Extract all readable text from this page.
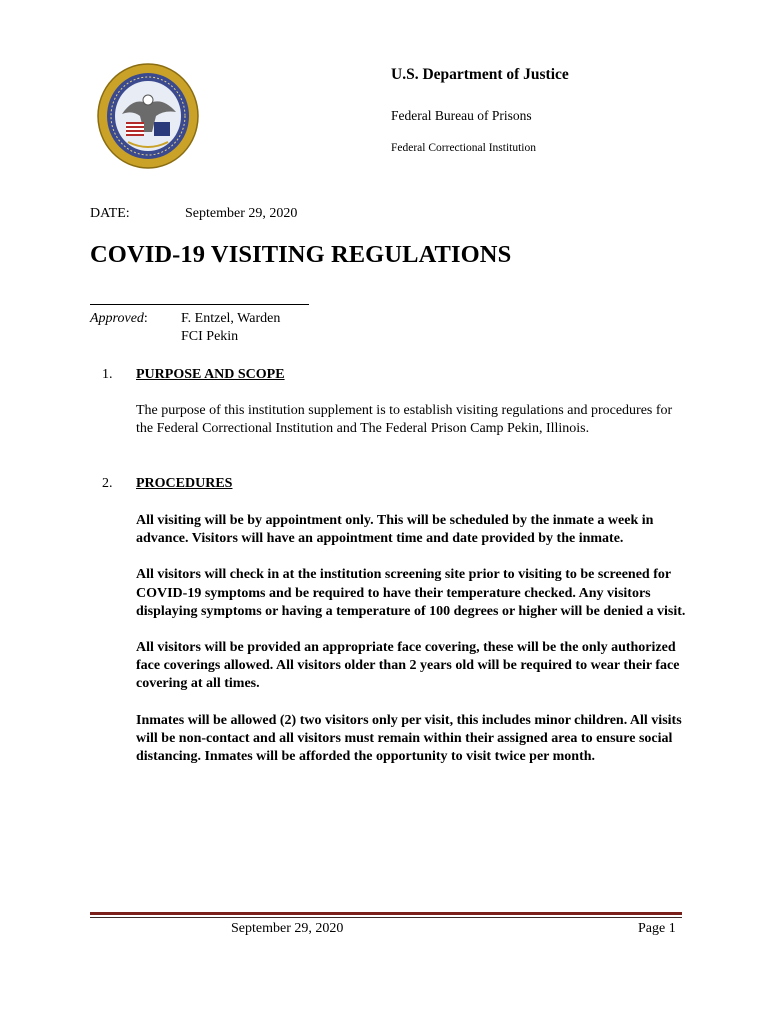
U.S. Department of Justice
Federal Bureau of Prisons
Federal Correctional Institution
DATE:	September 29, 2020
COVID-19 VISITING REGULATIONS
Approved: F. Entzel, Warden
FCI Pekin
1. PURPOSE AND SCOPE

The purpose of this institution supplement is to establish visiting regulations and procedures for the Federal Correctional Institution and The Federal Prison Camp Pekin, Illinois.

2. PROCEDURES

All visiting will be by appointment only. This will be scheduled by the inmate a week in advance. Visitors will have an appointment time and date provided by the inmate.

All visitors will check in at the institution screening site prior to visiting to be screened for COVID-19 symptoms and be required to have their temperature checked. Any visitors displaying symptoms or having a temperature of 100 degrees or higher will be denied a visit.

All visitors will be provided an appropriate face covering, these will be the only authorized face coverings allowed. All visitors older than 2 years old will be required to wear their face covering at all times.

Inmates will be allowed (2) two visitors only per visit, this includes minor children. All visits will be non-contact and all visitors must remain within their assigned area to ensure social distancing. Inmates will be afforded the opportunity to visit twice per month.

September 29, 2020	Page 1
